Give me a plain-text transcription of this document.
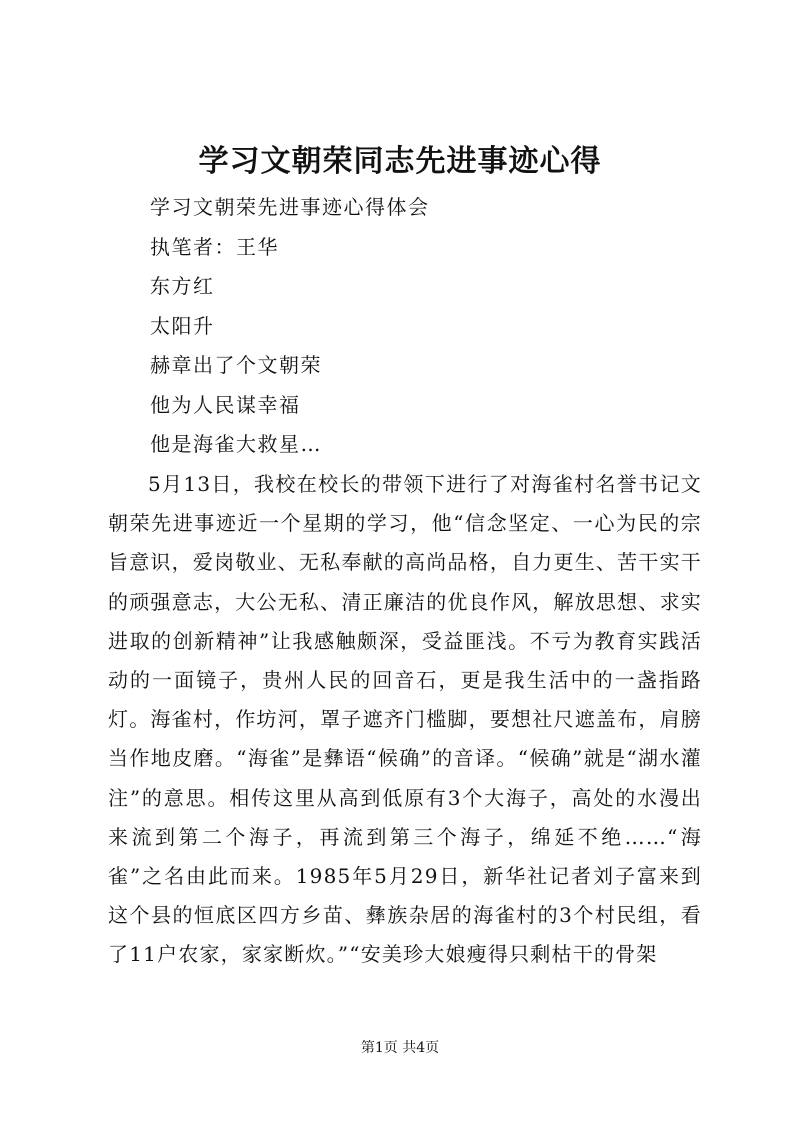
学习文朝荣同志先进事迹心得
学习文朝荣先进事迹心得体会
执笔者：王华
东方红
太阳升
赫章出了个文朝荣
他为人民谋幸福
他是海雀大救星…
5月13日，我校在校长的带领下进行了对海雀村名誉书记文朝荣先进事迹近一个星期的学习，他“信念坚定、一心为民的宗旨意识，爱岗敬业、无私奉献的高尚品格，自力更生、苦干实干的顽强意志，大公无私、清正廉洁的优良作风，解放思想、求实进取的创新精神”让我感触颇深，受益匪浅。不亏为教育实践活动的一面镜子，贵州人民的回音石，更是我生活中的一盏指路灯。海雀村，作坊河，罩子遮齐门槛脚，要想社尺遮盖布，肩膀当作地皮磨。“海雀”是彝语“候确”的音译。“候确”就是“湖水灌注”的意思。相传这里从高到低原有3个大海子，高处的水漫出来流到第二个海子，再流到第三个海子，绵延不绝……“海雀”之名由此而来。1985年5月29日，新华社记者刘子富来到这个县的恒底区四方乡苗、彝族杂居的海雀村的3个村民组，看了11户农家，家家断炊。”“安美珍大娘瘦得只剩枯干的骨架
第1页 共4页
